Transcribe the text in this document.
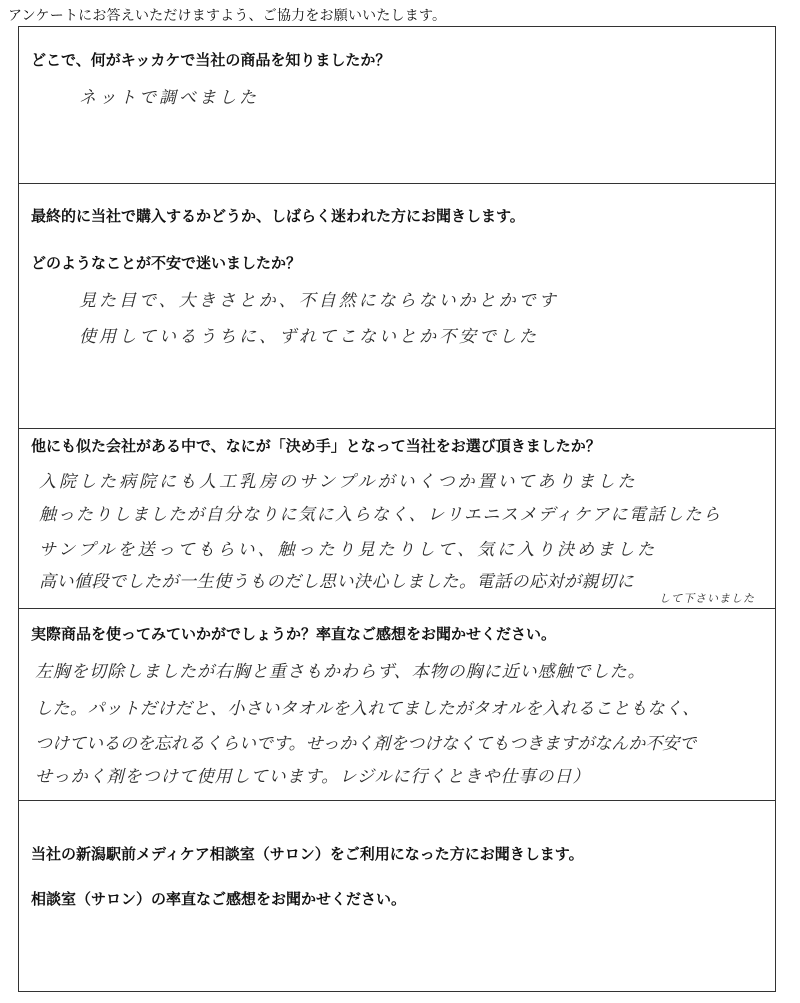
アンケートにお答えいただけますよう、ご協力をお願いいたします。
どこで、何がキッカケで当社の商品を知りましたか？
ネットで調べました
最終的に当社で購入するかどうか、しばらく迷われた方にお聞きします。
どのようなことが不安で迷いましたか？
見た目で、大きさとか、不自然にならないかとかです
使用しているうちに、ずれてこないとか不安でした
他にも似た会社がある中で、なにが「決め手」となって当社をお選び頂きましたか？
入院した病院にも人工乳房のサンプルがいくつか置いてありました
触ったりしましたが自分なりに気に入らなく、レリエニスメディケアに電話したら
サンプルを送ってもらい、触ったり見たりして、気に入り決めました
高い値段でしたが一生使うものだし思い決心しました。電話の応対が親切に
して下さいました
実際商品を使ってみていかがでしょうか？率直なご感想をお聞かせください。
左胸を切除しましたが右胸と重さもかわらず、本物の胸に近い感触でした。
した。パットだけだと、小さいタオルを入れてましたがタオルを入れることもなく、
つけているのを忘れるくらいです。せっかく剤をつけなくてもつきますがなんか不安で
せっかく剤をつけて使用しています。レジルに行くときや仕事の日）
当社の新潟駅前メディケア相談室（サロン）をご利用になった方にお聞きします。
相談室（サロン）の率直なご感想をお聞かせください。
